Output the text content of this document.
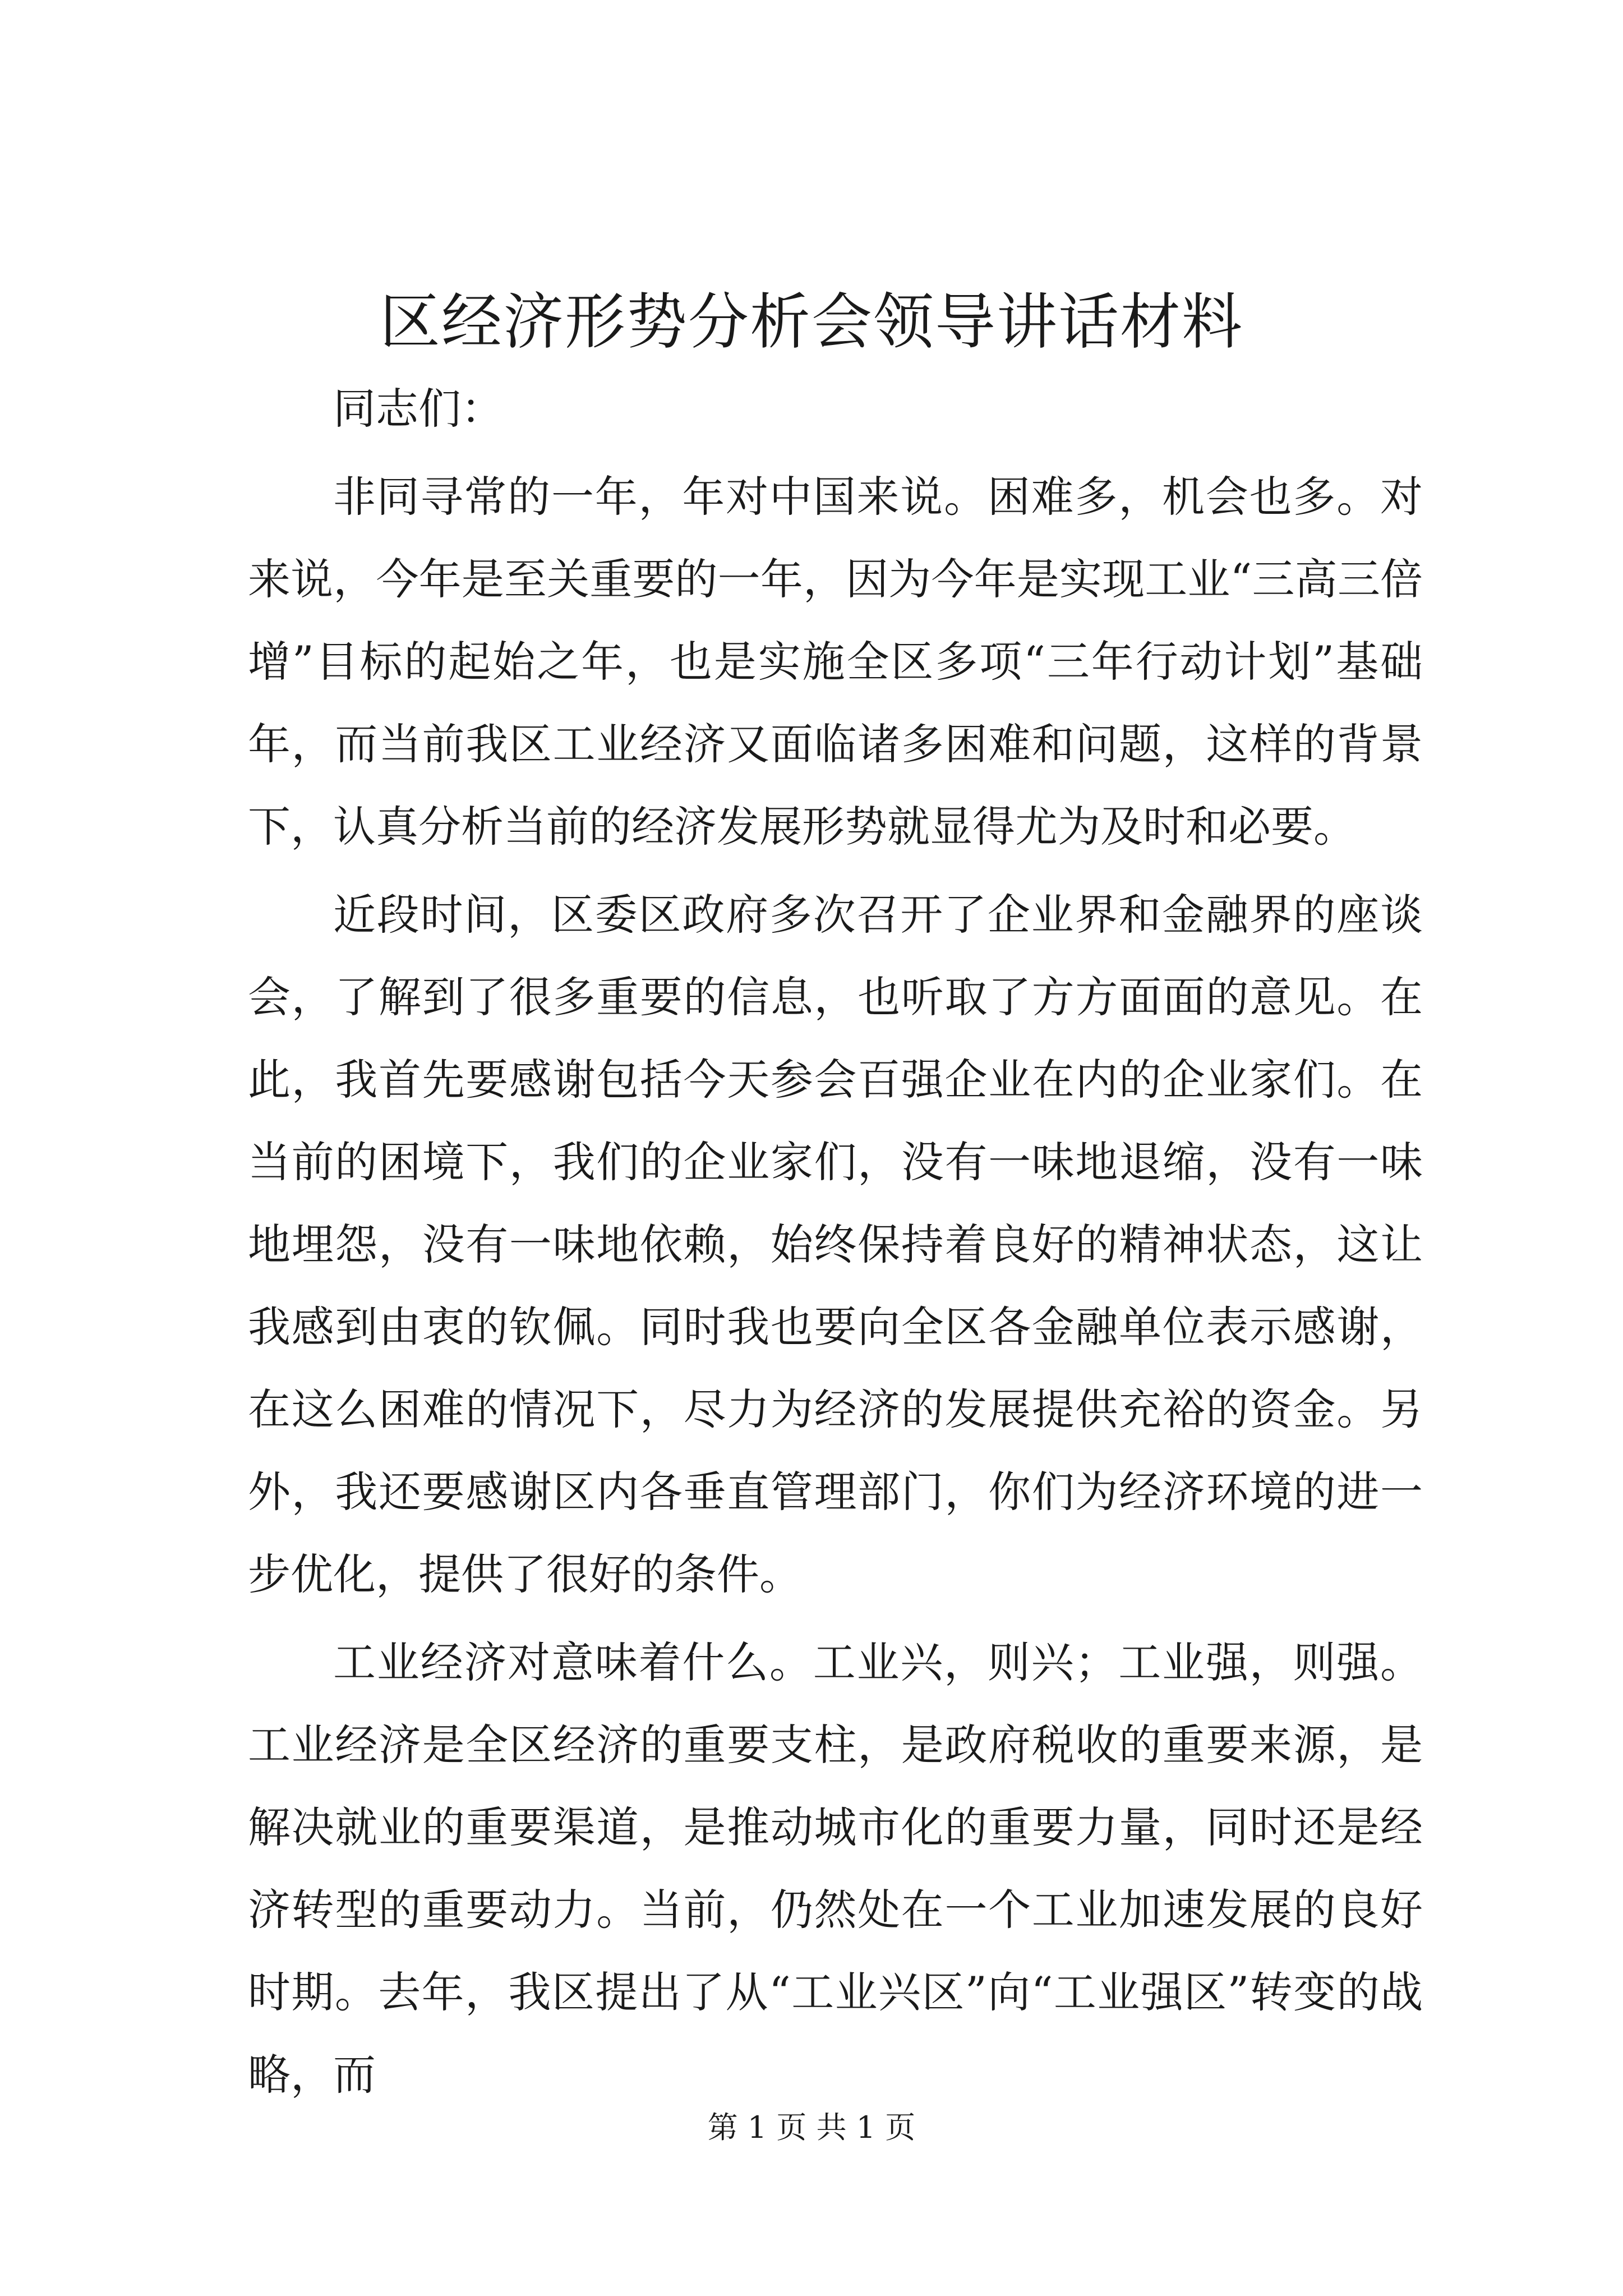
区经济形势分析会领导讲话材料

同志们：

非同寻常的一年，年对中国来说。困难多，机会也多。对来说，今年是至关重要的一年，因为今年是实现工业“三高三倍增”目标的起始之年，也是实施全区多项“三年行动计划”基础年，而当前我区工业经济又面临诸多困难和问题，这样的背景下，认真分析当前的经济发展形势就显得尤为及时和必要。

近段时间，区委区政府多次召开了企业界和金融界的座谈会，了解到了很多重要的信息，也听取了方方面面的意见。在此，我首先要感谢包括今天参会百强企业在内的企业家们。在当前的困境下，我们的企业家们，没有一味地退缩，没有一味地埋怨，没有一味地依赖，始终保持着良好的精神状态，这让我感到由衷的钦佩。同时我也要向全区各金融单位表示感谢，在这么困难的情况下，尽力为经济的发展提供充裕的资金。另外，我还要感谢区内各垂直管理部门，你们为经济环境的进一步优化，提供了很好的条件。

工业经济对意味着什么。工业兴，则兴；工业强，则强。工业经济是全区经济的重要支柱，是政府税收的重要来源，是解决就业的重要渠道，是推动城市化的重要力量，同时还是经济转型的重要动力。当前，仍然处在一个工业加速发展的良好时期。去年，我区提出了从“工业兴区”向“工业强区”转变的战略，而

第 1 页 共 1 页
